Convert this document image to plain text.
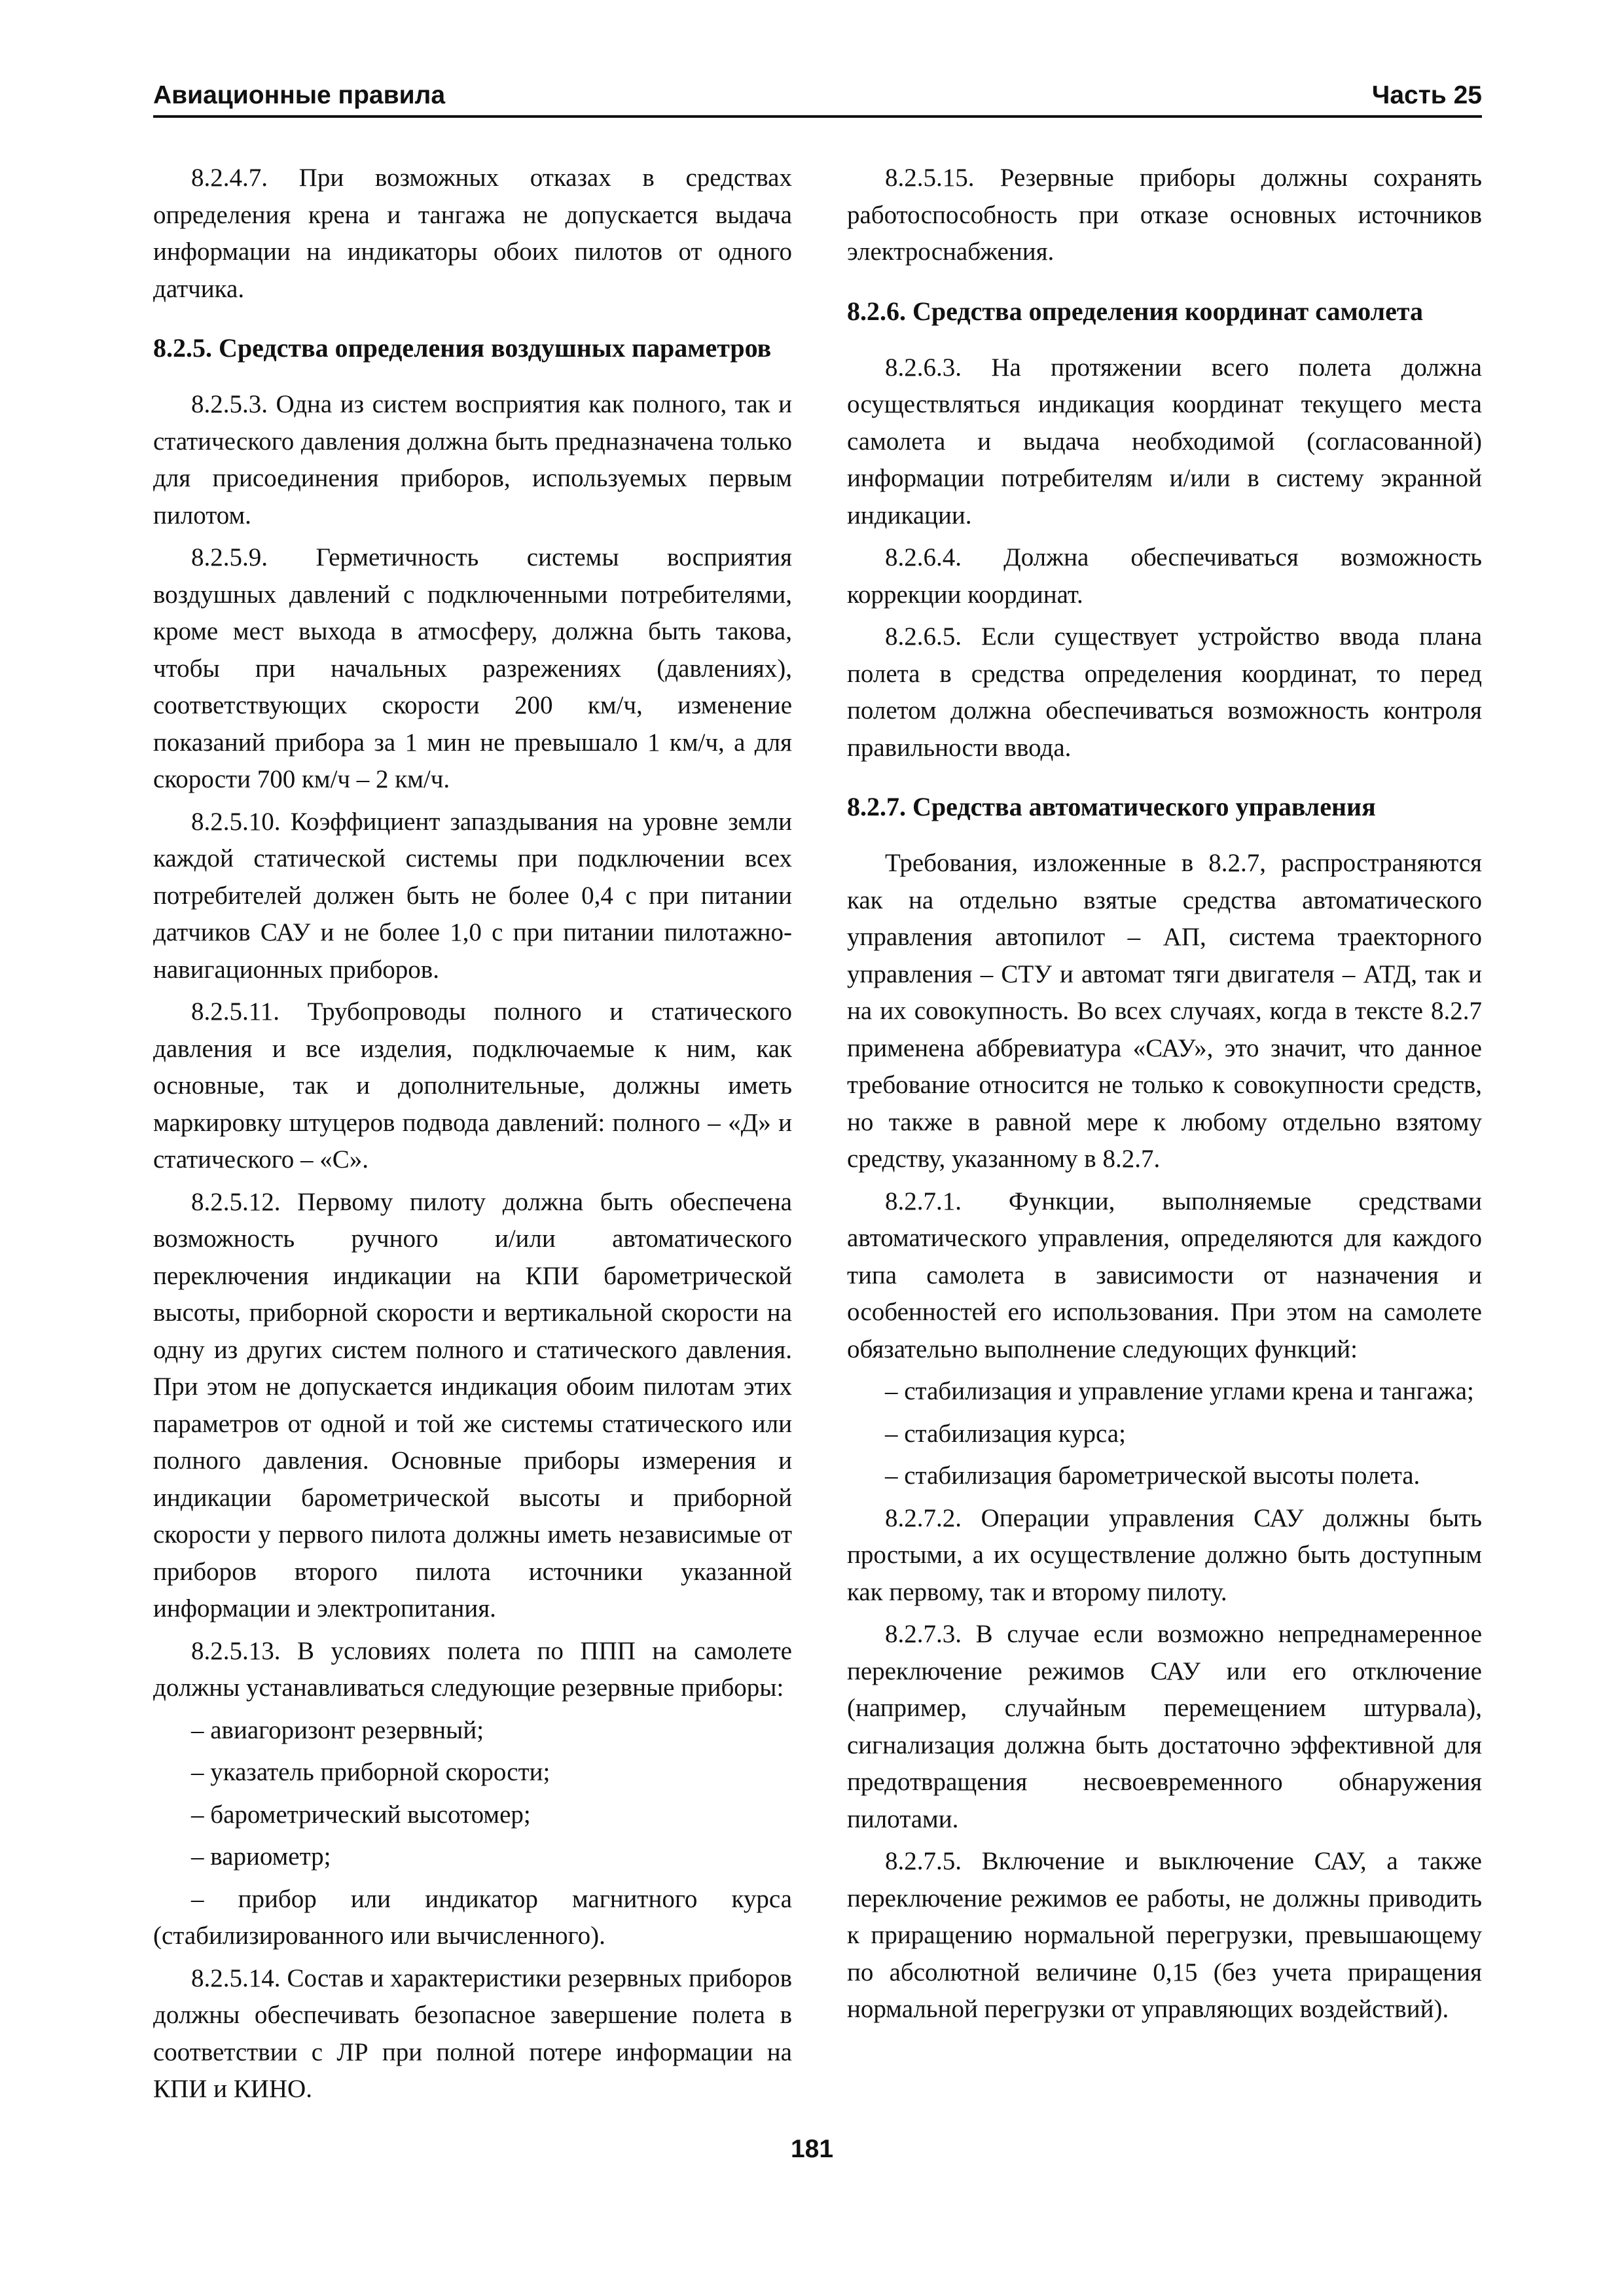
Авиационные правила	Часть 25

8.2.4.7. При возможных отказах в средствах определения крена и тангажа не допускается выдача информации на индикаторы обоих пилотов от одного датчика.

8.2.5. Средства определения воздушных параметров

8.2.5.3. Одна из систем восприятия как полного, так и статического давления должна быть предназначена только для присоединения приборов, используемых первым пилотом.

8.2.5.9. Герметичность системы восприятия воздушных давлений с подключенными потребителями, кроме мест выхода в атмосферу, должна быть такова, чтобы при начальных разрежениях (давлениях), соответствующих скорости 200 км/ч, изменение показаний прибора за 1 мин не превышало 1 км/ч, а для скорости 700 км/ч – 2 км/ч.

8.2.5.10. Коэффициент запаздывания на уровне земли каждой статической системы при подключении всех потребителей должен быть не более 0,4 с при питании датчиков САУ и не более 1,0 с при питании пилотажно-навигационных приборов.

8.2.5.11. Трубопроводы полного и статического давления и все изделия, подключаемые к ним, как основные, так и дополнительные, должны иметь маркировку штуцеров подвода давлений: полного – «Д» и статического – «С».

8.2.5.12. Первому пилоту должна быть обеспечена возможность ручного и/или автоматического переключения индикации на КПИ барометрической высоты, приборной скорости и вертикальной скорости на одну из других систем полного и статического давления. При этом не допускается индикация обоим пилотам этих параметров от одной и той же системы статического или полного давления. Основные приборы измерения и индикации барометрической высоты и приборной скорости у первого пилота должны иметь независимые от приборов второго пилота источники указанной информации и электропитания.

8.2.5.13. В условиях полета по ППП на самолете должны устанавливаться следующие резервные приборы:

– авиагоризонт резервный;

– указатель приборной скорости;

– барометрический высотомер;

– вариометр;

– прибор или индикатор магнитного курса (стабилизированного или вычисленного).

8.2.5.14. Состав и характеристики резервных приборов должны обеспечивать безопасное завершение полета в соответствии с ЛР при полной потере информации на КПИ и КИНО.

8.2.5.15. Резервные приборы должны сохранять работоспособность при отказе основных источников электроснабжения.

8.2.6. Средства определения координат самолета

8.2.6.3. На протяжении всего полета должна осуществляться индикация координат текущего места самолета и выдача необходимой (согласованной) информации потребителям и/или в систему экранной индикации.

8.2.6.4. Должна обеспечиваться возможность коррекции координат.

8.2.6.5. Если существует устройство ввода плана полета в средства определения координат, то перед полетом должна обеспечиваться возможность контроля правильности ввода.

8.2.7. Средства автоматического управления

Требования, изложенные в 8.2.7, распространяются как на отдельно взятые средства автоматического управления автопилот – АП, система траекторного управления – СТУ и автомат тяги двигателя – АТД, так и на их совокупность. Во всех случаях, когда в тексте 8.2.7 применена аббревиатура «САУ», это значит, что данное требование относится не только к совокупности средств, но также в равной мере к любому отдельно взятому средству, указанному в 8.2.7.

8.2.7.1. Функции, выполняемые средствами автоматического управления, определяются для каждого типа самолета в зависимости от назначения и особенностей его использования. При этом на самолете обязательно выполнение следующих функций:

– стабилизация и управление углами крена и тангажа;

– стабилизация курса;

– стабилизация барометрической высоты полета.

8.2.7.2. Операции управления САУ должны быть простыми, а их осуществление должно быть доступным как первому, так и второму пилоту.

8.2.7.3. В случае если возможно непреднамеренное переключение режимов САУ или его отключение (например, случайным перемещением штурвала), сигнализация должна быть достаточно эффективной для предотвращения несвоевременного обнаружения пилотами.

8.2.7.5. Включение и выключение САУ, а также переключение режимов ее работы, не должны приводить к приращению нормальной перегрузки, превышающему по абсолютной величине 0,15 (без учета приращения нормальной перегрузки от управляющих воздействий).

181
